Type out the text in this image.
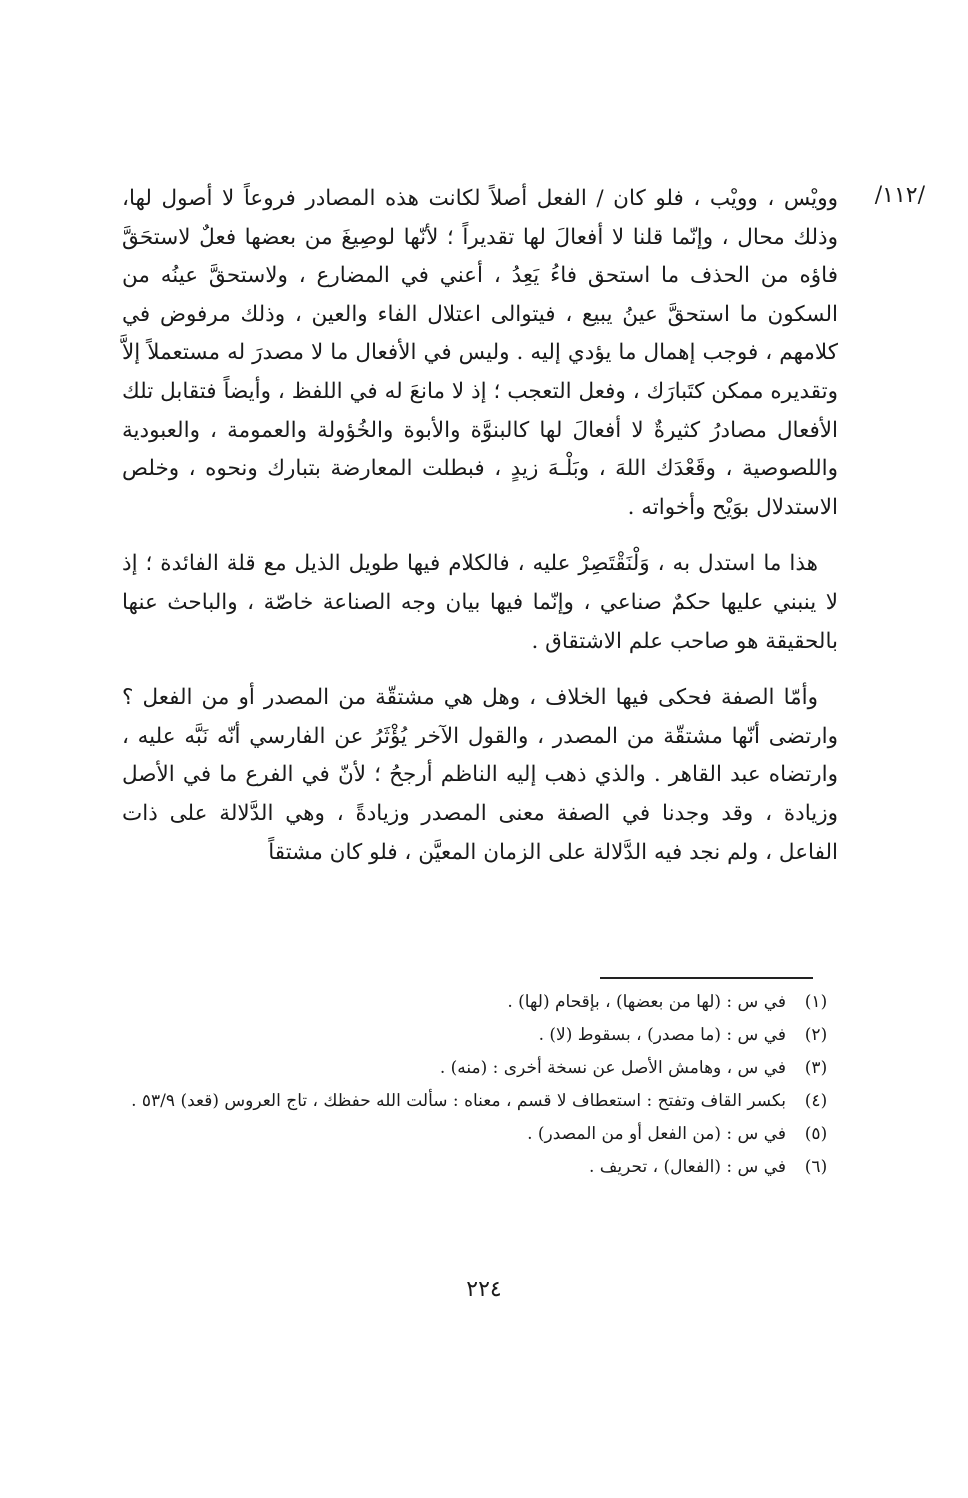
/١١٢/

وويْس ، وويْب ، فلو كان / الفعل أصلاً لكانت هذه المصادر فروعاً لا أصول لها، وذلك محال ، وإنّما قلنا لا أفعالَ لها تقديراً ؛ لأنّها لوصِيغَ من بعضها فعلٌ لاستحَقَّ فاؤه من الحذف ما استحق فاءُ يَعِدُ ، أعني في المضارع ، ولاستحقَّ عينُه من السكون ما استحقَّ عينُ يبيع ، فيتوالى اعتلال الفاء والعين ، وذلك مرفوض في كلامهم ، فوجب إهمال ما يؤدي إليه . وليس في الأفعال ما لا مصدرَ له مستعملاً إلاَّ وتقديره ممكن كتَبارَك ، وفعل التعجب ؛ إذ لا مانعَ له في اللفظ ، وأيضاً فتقابل تلك الأفعال مصادرُ كثيرةٌ لا أفعالَ لها كالبنوَّة والأبوة والخُؤولة والعمومة ، والعبودية واللصوصية ، وقَعْدَك اللهَ ، وبَلْـهَ زيدٍ ، فبطلت المعارضة بتبارك ونحوه ، وخلص الاستدلال بوَيْح وأخواته .

هذا ما استدل به ، وَلْنَقْتَصِرْ عليه ، فالكلام فيها طويل الذيل مع قلة الفائدة ؛ إذ لا ينبني عليها حكمٌ صناعي ، وإنّما فيها بيان وجه الصناعة خاصّة ، والباحث عنها بالحقيقة هو صاحب علم الاشتقاق .

وأمّا الصفة فحكى فيها الخلاف ، وهل هي مشتقّة من المصدر أو من الفعل ؟ وارتضى أنّها مشتقّة من المصدر ، والقول الآخر يُؤْثَرُ عن الفارسي أنّه نَبَّه عليه ، وارتضاه عبد القاهر . والذي ذهب إليه الناظم أرجحُ ؛ لأنّ في الفرع ما في الأصل وزيادة ، وقد وجدنا في الصفة معنى المصدر وزيادةً ، وهي الدَّلالة على ذات الفاعل ، ولم نجد فيه الدَّلالة على الزمان المعيَّن ، فلو كان مشتقاً

(١)
في س : (لها من بعضها) ، بإقحام (لها) .
(٢)
في س : (ما مصدر) ، بسقوط (لا) .
(٣)
في س ، وهامش الأصل عن نسخة أخرى : (منه) .
(٤)
بكسر القاف وتفتح : استعطاف لا قسم ، معناه : سألت الله حفظك ، تاج العروس (قعد) ٥٣/٩ .
(٥)
في س : (من الفعل أو من المصدر) .
(٦)
في س : (الفعال) ، تحريف .
٢٢٤
